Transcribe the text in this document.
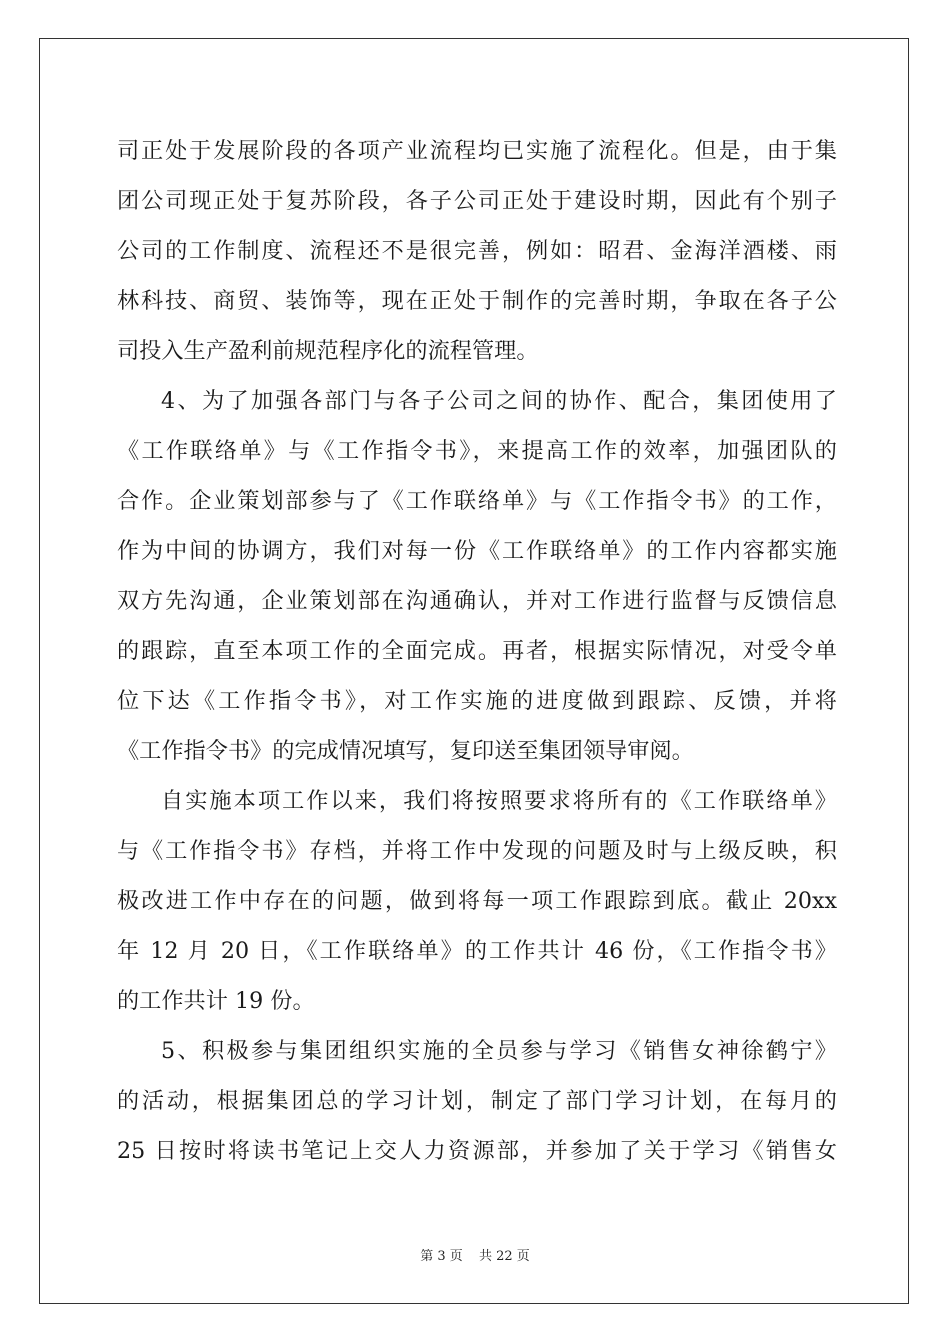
司正处于发展阶段的各项产业流程均已实施了流程化。但是，由于集
团公司现正处于复苏阶段，各子公司正处于建设时期，因此有个别子
公司的工作制度、流程还不是很完善，例如：昭君、金海洋酒楼、雨
林科技、商贸、装饰等，现在正处于制作的完善时期，争取在各子公
司投入生产盈利前规范程序化的流程管理。
4、为了加强各部门与各子公司之间的协作、配合，集团使用了
《工作联络单》与《工作指令书》，来提高工作的效率，加强团队的
合作。企业策划部参与了《工作联络单》与《工作指令书》的工作，
作为中间的协调方，我们对每一份《工作联络单》的工作内容都实施
双方先沟通，企业策划部在沟通确认，并对工作进行监督与反馈信息
的跟踪，直至本项工作的全面完成。再者，根据实际情况，对受令单
位下达《工作指令书》，对工作实施的进度做到跟踪、反馈，并将
《工作指令书》的完成情况填写，复印送至集团领导审阅。
自实施本项工作以来，我们将按照要求将所有的《工作联络单》
与《工作指令书》存档，并将工作中发现的问题及时与上级反映，积
极改进工作中存在的问题，做到将每一项工作跟踪到底。截止 20xx
年 12 月 20 日，《工作联络单》的工作共计 46 份，《工作指令书》
的工作共计 19 份。
5、积极参与集团组织实施的全员参与学习《销售女神徐鹤宁》
的活动，根据集团总的学习计划，制定了部门学习计划，在每月的
25 日按时将读书笔记上交人力资源部，并参加了关于学习《销售女
第 3 页 共 22 页
